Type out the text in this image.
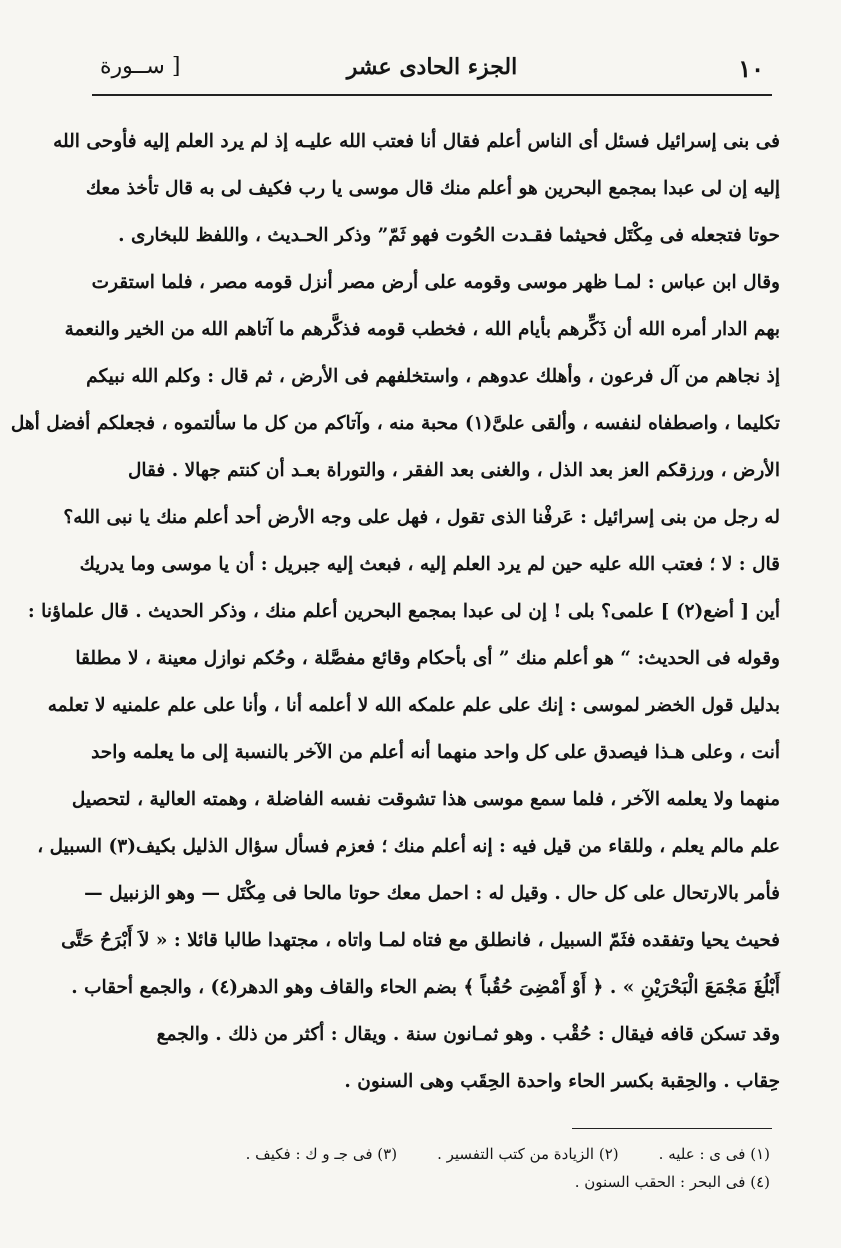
١٠
الجزء الحادى عشر
[ ســورة
فى بنى إسرائيل فسئل أى الناس أعلم فقال أنا فعتب الله عليـه إذ لم يرد العلم إليه فأوحى الله
إليه إن لى عبدا بمجمع البحرين هو أعلم منك قال موسى يا رب فكيف لى به قال تأخذ معك
حوتا فتجعله فى مِكْتَل فحيثما فقـدت الحُوت فهو ثَمّ” وذكر الحـديث ، واللفظ للبخارى .
وقال ابن عباس : لمـا ظهر موسى وقومه على أرض مصر أنزل قومه مصر ، فلما استقرت
بهم الدار أمره الله أن ذَكِّرهم بأيام الله ، فخطب قومه فذكَّرهم ما آتاهم الله من الخير والنعمة
إذ نجاهم من آل فرعون ، وأهلك عدوهم ، واستخلفهم فى الأرض ، ثم قال : وكلم الله نبيكم
تكليما ، واصطفاه لنفسه ، وألقى علىَّ(١) محبة منه ، وآتاكم من كل ما سألتموه ، فجعلكم أفضل أهل
الأرض ، ورزقكم العز بعد الذل ، والغنى بعد الفقر ، والتوراة بعـد أن كنتم جهالا . فقال
له رجل من بنى إسرائيل : عَرفْنا الذى تقول ، فهل على وجه الأرض أحد أعلم منك يا نبى الله؟
قال : لا ؛ فعتب الله عليه حين لم يرد العلم إليه ، فبعث إليه جبريل : أن يا موسى وما يدريك
أين [ أضع(٢) ] علمى؟ بلى ! إن لى عبدا بمجمع البحرين أعلم منك ، وذكر الحديث . قال علماؤنا :
وقوله فى الحديث: “ هو أعلم منك ” أى بأحكام وقائع مفصَّلة ، وحُكم نوازل معينة ، لا مطلقا
بدليل قول الخضر لموسى : إنك على علم علمكه الله لا أعلمه أنا ، وأنا على علم علمنيه لا تعلمه
أنت ، وعلى هـذا فيصدق على كل واحد منهما أنه أعلم من الآخر بالنسبة إلى ما يعلمه واحد
منهما ولا يعلمه الآخر ، فلما سمع موسى هذا تشوقت نفسه الفاضلة ، وهمته العالية ، لتحصيل
علم مالم يعلم ، وللقاء من قيل فيه : إنه أعلم منك ؛ فعزم فسأل سؤال الذليل بكيف(٣) السبيل ،
فأمر بالارتحال على كل حال . وقيل له : احمل معك حوتا مالحا فى مِكْتَل — وهو الزنبيل —
فحيث يحيا وتفقده فثَمّ السبيل ، فانطلق مع فتاه لمـا واتاه ، مجتهدا طالبا قائلا : « لاَ أَبْرَحُ حَتَّى
أَبْلُغَ مَجْمَعَ الْبَحْرَيْنِ » . ﴿ أَوْ أَمْضِىَ حُقُباً ﴾ بضم الحاء والقاف وهو الدهر(٤) ، والجمع أحقاب .
وقد تسكن قافه فيقال : حُقْب . وهو ثمـانون سنة . ويقال : أكثر من ذلك . والجمع
حِقاب . والحِقبة بكسر الحاء واحدة الحِقَب وهى السنون .
(١) فى ى : عليه .
(٢) الزيادة من كتب التفسير .
(٣) فى جـ و ك : فكيف .
(٤) فى البحر : الحقب السنون .
